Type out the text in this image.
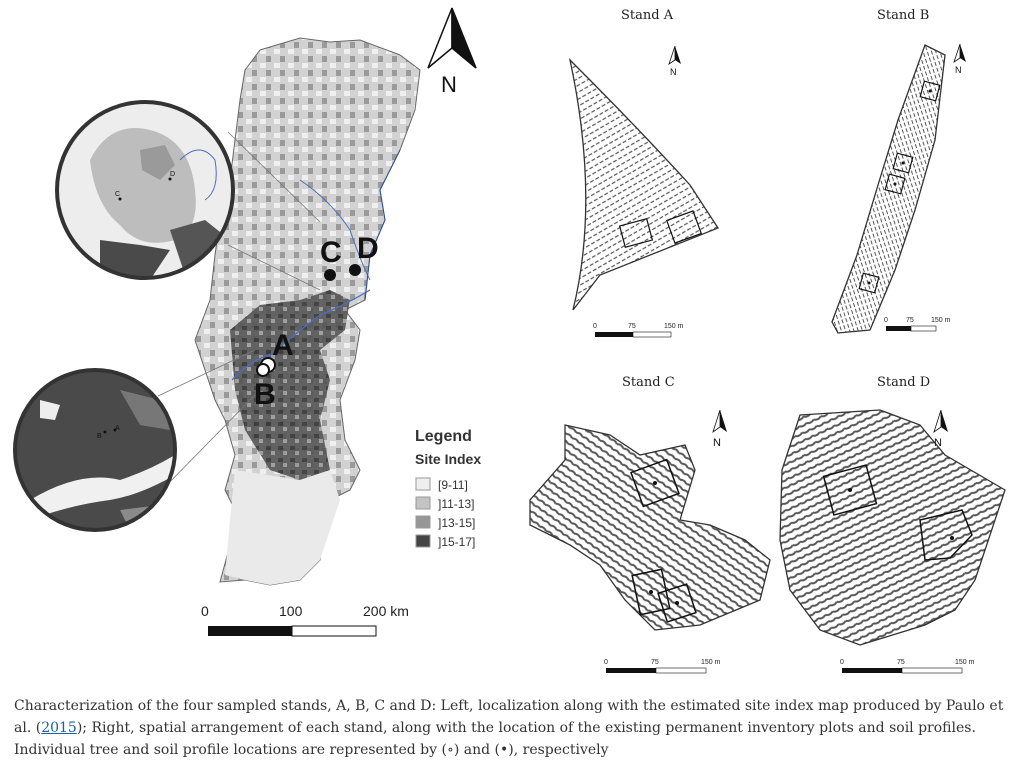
C D
A
B
C
D
B
A
N
Legend
Site Index
[9-11]
]11-13]
]13-15]
]15-17]
0	100	200 km
Stand A
N
0	75	150 m
Stand B
N
0	75 150 m
Stand C
N
0	75	150 m
Stand D
N
0	75	150 m
Characterization of the four sampled stands, A, B, C and D: Left, localization along with the estimated site index map produced by Paulo et al. (2015); Right, spatial arrangement of each stand, along with the location of the existing permanent inventory plots and soil profiles. Individual tree and soil profile locations are represented by (∘) and (•), respectively
